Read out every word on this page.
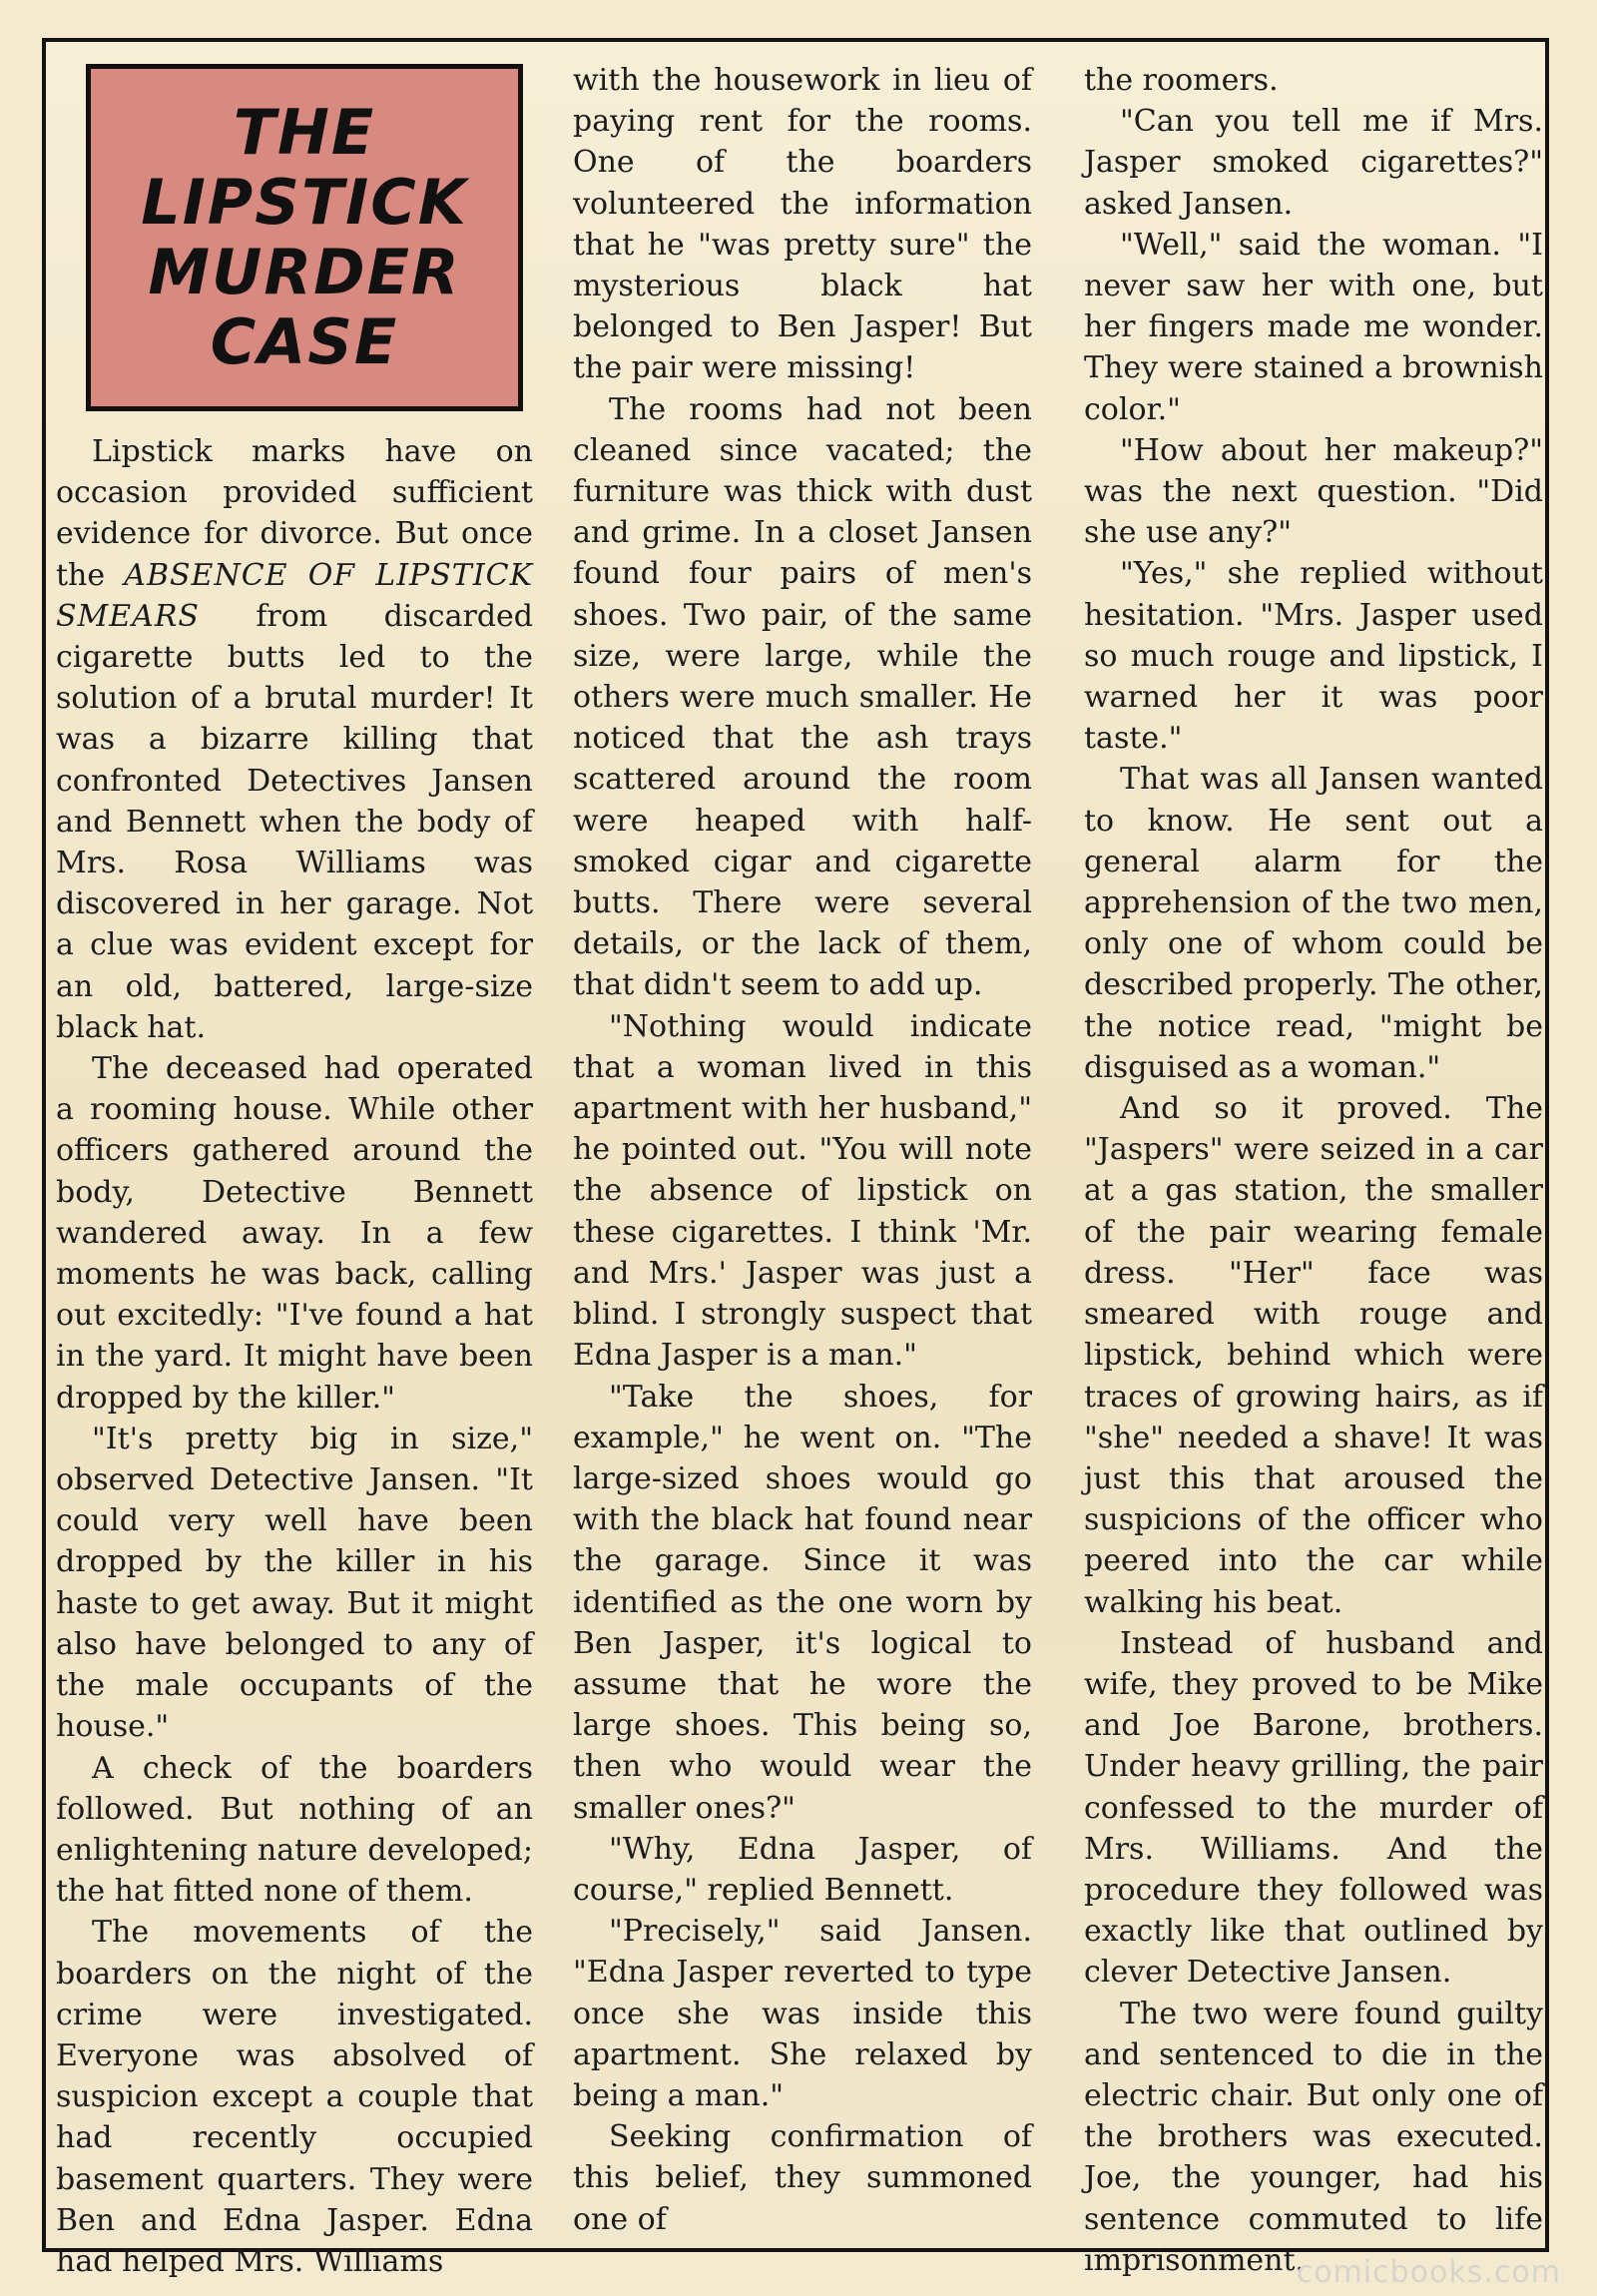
THE
LIPSTICK
MURDER
CASE

Lipstick marks have on occasion provided sufficient evidence for divorce. But once the ABSENCE OF LIPSTICK SMEARS from discarded cigarette butts led to the solution of a brutal murder! It was a bizarre killing that confronted Detectives Jansen and Bennett when the body of Mrs. Rosa Williams was discovered in her garage. Not a clue was evident except for an old, battered, large-size black hat.

The deceased had operated a rooming house. While other officers gathered around the body, Detective Bennett wandered away. In a few moments he was back, calling out excitedly: "I've found a hat in the yard. It might have been dropped by the killer."

"It's pretty big in size," observed Detective Jansen. "It could very well have been dropped by the killer in his haste to get away. But it might also have belonged to any of the male occupants of the house."

A check of the boarders followed. But nothing of an enlightening nature developed; the hat fitted none of them.

The movements of the boarders on the night of the crime were investigated. Everyone was absolved of suspicion except a couple that had recently occupied basement quarters. They were Ben and Edna Jasper. Edna had helped Mrs. Williams

with the housework in lieu of paying rent for the rooms. One of the boarders volunteered the information that he "was pretty sure" the mysterious black hat belonged to Ben Jasper! But the pair were missing!

The rooms had not been cleaned since vacated; the furniture was thick with dust and grime. In a closet Jansen found four pairs of men's shoes. Two pair, of the same size, were large, while the others were much smaller. He noticed that the ash trays scattered around the room were heaped with half-smoked cigar and cigarette butts. There were several details, or the lack of them, that didn't seem to add up.

"Nothing would indicate that a woman lived in this apartment with her husband," he pointed out. "You will note the absence of lipstick on these cigarettes. I think 'Mr. and Mrs.' Jasper was just a blind. I strongly suspect that Edna Jasper is a man."

"Take the shoes, for example," he went on. "The large-sized shoes would go with the black hat found near the garage. Since it was identified as the one worn by Ben Jasper, it's logical to assume that he wore the large shoes. This being so, then who would wear the smaller ones?"

"Why, Edna Jasper, of course," replied Bennett.

"Precisely," said Jansen. "Edna Jasper reverted to type once she was inside this apartment. She relaxed by being a man."

Seeking confirmation of this belief, they summoned one of

the roomers.

"Can you tell me if Mrs. Jasper smoked cigarettes?" asked Jansen.

"Well," said the woman. "I never saw her with one, but her fingers made me wonder. They were stained a brownish color."

"How about her makeup?" was the next question. "Did she use any?"

"Yes," she replied without hesitation. "Mrs. Jasper used so much rouge and lipstick, I warned her it was poor taste."

That was all Jansen wanted to know. He sent out a general alarm for the apprehension of the two men, only one of whom could be described properly. The other, the notice read, "might be disguised as a woman."

And so it proved. The "Jaspers" were seized in a car at a gas station, the smaller of the pair wearing female dress. "Her" face was smeared with rouge and lipstick, behind which were traces of growing hairs, as if "she" needed a shave! It was just this that aroused the suspicions of the officer who peered into the car while walking his beat.

Instead of husband and wife, they proved to be Mike and Joe Barone, brothers. Under heavy grilling, the pair confessed to the murder of Mrs. Williams. And the procedure they followed was exactly like that outlined by clever Detective Jansen.

The two were found guilty and sentenced to die in the electric chair. But only one of the brothers was executed. Joe, the younger, had his sentence commuted to life imprisonment.

comicbooks.com
